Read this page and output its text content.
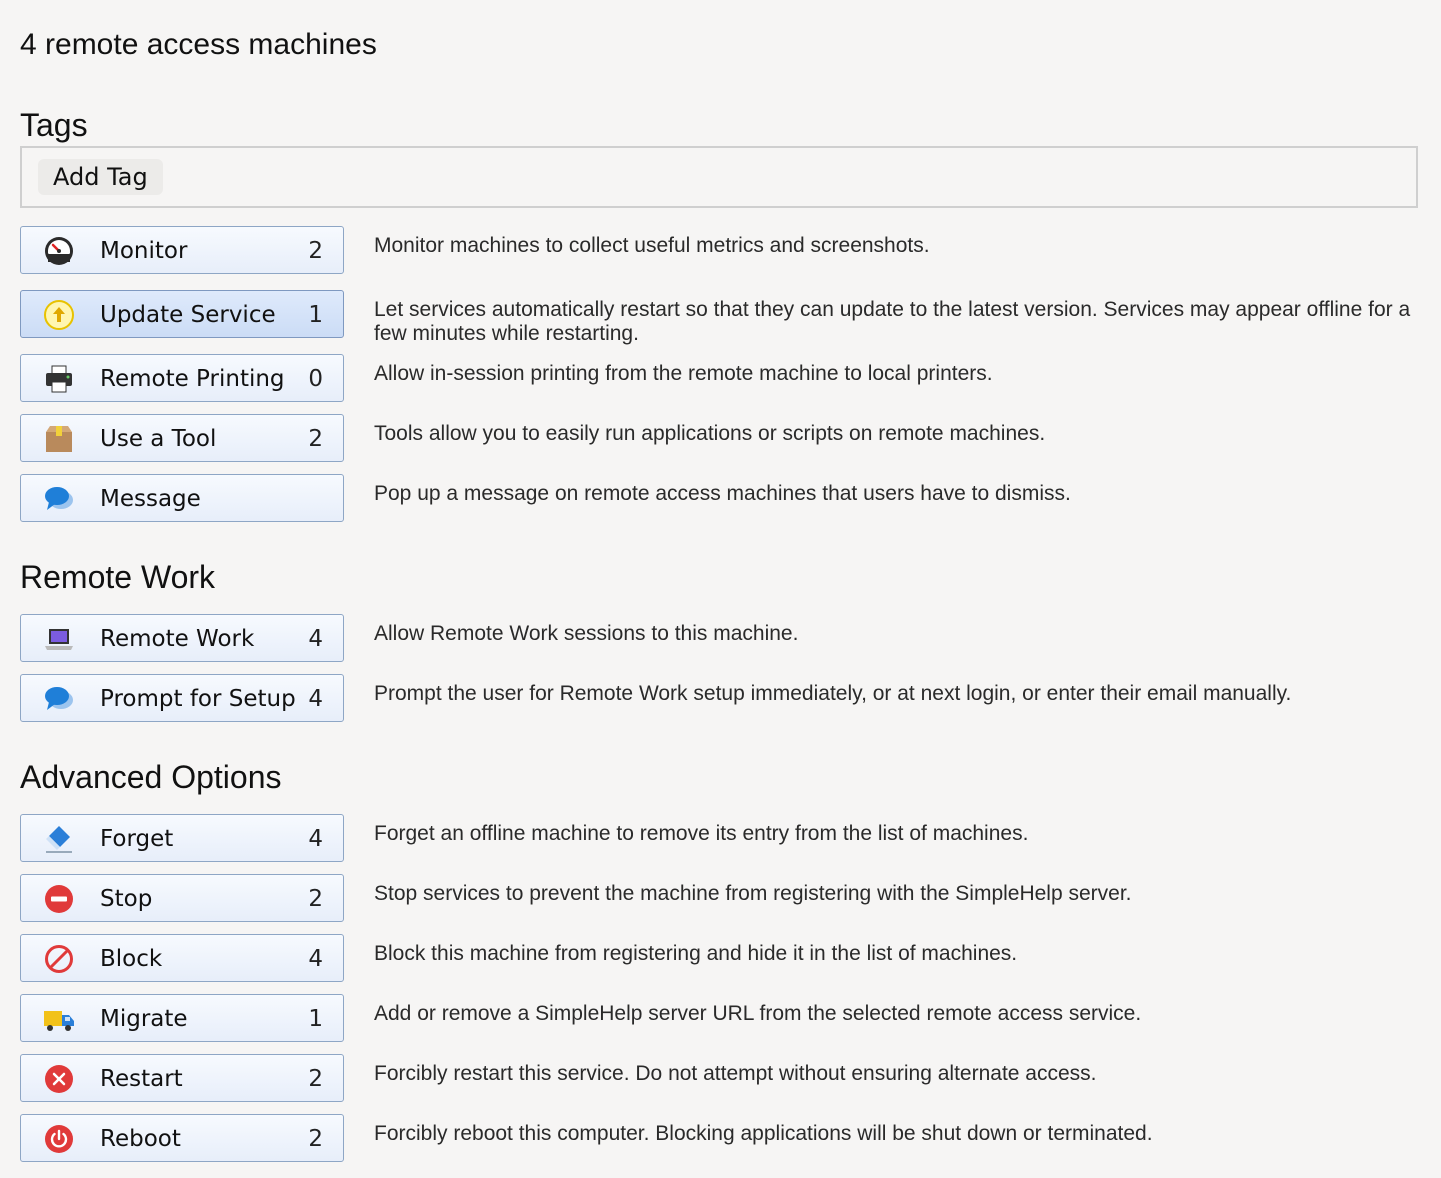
4 remote access machines
Tags
Add Tag
Monitor	2 Monitor machines to collect useful metrics and screenshots.
Update Service 1 Let services automatically restart so that they can update to the latest version. Services may appear offline for a few minutes while restarting.
Remote Printing 0 Allow in-session printing from the remote machine to local printers.
Use a Tool	2 Tools allow you to easily run applications or scripts on remote machines.
Message	Pop up a message on remote access machines that users have to dismiss.
Remote Work
Remote Work 4 Allow Remote Work sessions to this machine.
Prompt for Setup 4 Prompt the user for Remote Work setup immediately, or at next login, or enter their email manually.
Advanced Options
Forget	4 Forget an offline machine to remove its entry from the list of machines.
Stop	2 Stop services to prevent the machine from registering with the SimpleHelp server.
Block	4 Block this machine from registering and hide it in the list of machines.
Migrate	1 Add or remove a SimpleHelp server URL from the selected remote access service.
Restart	2 Forcibly restart this service. Do not attempt without ensuring alternate access.
Reboot	2 Forcibly reboot this computer. Blocking applications will be shut down or terminated.
